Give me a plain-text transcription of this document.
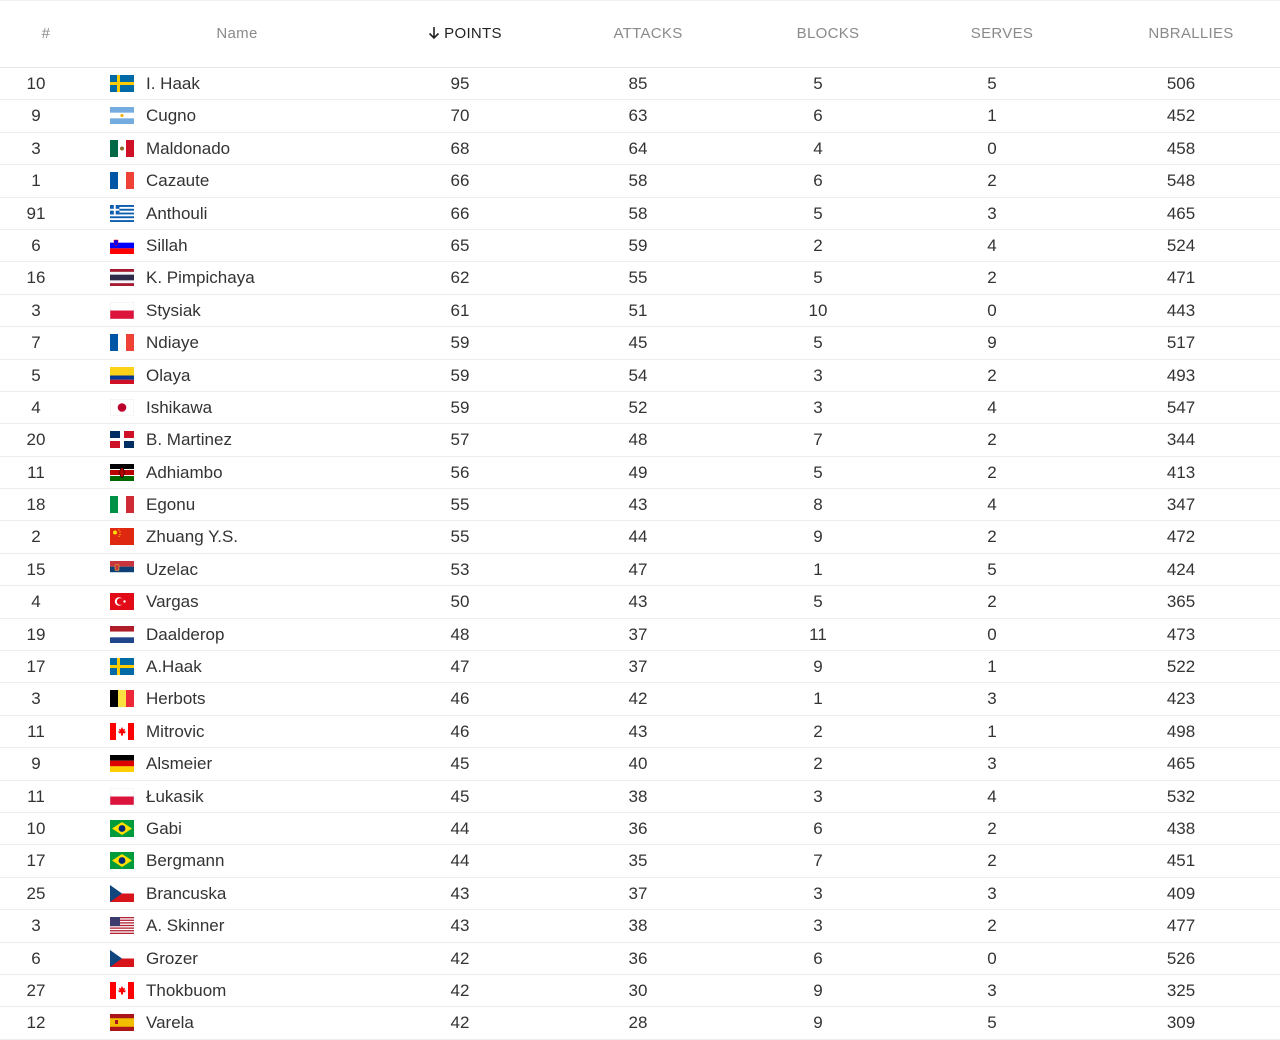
#	Name	POINTS	ATTACKS	BLOCKS	SERVES	NBRALLIES
10	I. Haak	95	85	5	5	506
9	Cugno	70	63	6	1	452
3	Maldonado	68	64	4	0	458
1	Cazaute	66	58	6	2	548
91	Anthouli	66	58	5	3	465
6	Sillah	65	59	2	4	524
16	K. Pimpichaya	62	55	5	2	471
3	Stysiak	61	51	10	0	443
7	Ndiaye	59	45	5	9	517
5	Olaya	59	54	3	2	493
4	Ishikawa	59	52	3	4	547
20	B. Martinez	57	48	7	2	344
11	Adhiambo	56	49	5	2	413
18	Egonu	55	43	8	4	347
2	Zhuang Y.S.	55	44	9	2	472
15	Uzelac	53	47	1	5	424
4	Vargas	50	43	5	2	365
19	Daalderop	48	37	11	0	473
17	A.Haak	47	37	9	1	522
3	Herbots	46	42	1	3	423
11	Mitrovic	46	43	2	1	498
9	Alsmeier	45	40	2	3	465
11	Łukasik	45	38	3	4	532
10	Gabi	44	36	6	2	438
17	Bergmann	44	35	7	2	451
25	Brancuska	43	37	3	3	409
3	A. Skinner	43	38	3	2	477
6	Grozer	42	36	6	0	526
27	Thokbuom	42	30	9	3	325
12	Varela	42	28	9	5	309
